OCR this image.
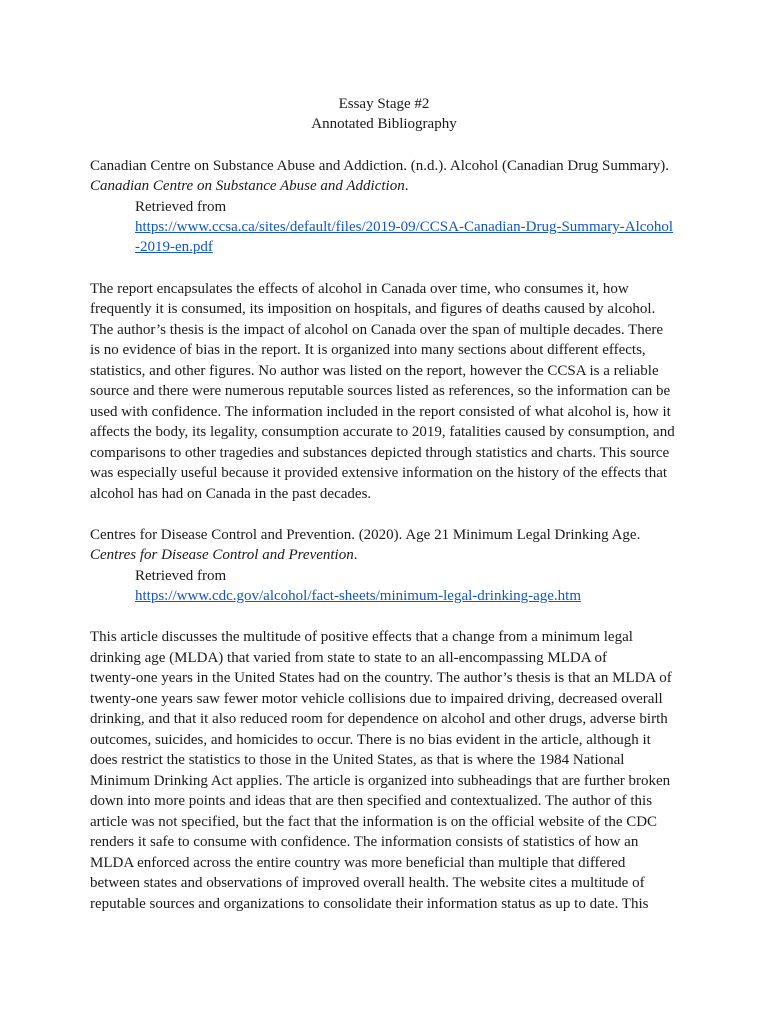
Essay Stage #2
Annotated Bibliography
Canadian Centre on Substance Abuse and Addiction. (n.d.). Alcohol (Canadian Drug Summary).
Canadian Centre on Substance Abuse and Addiction.
Retrieved from
https://www.ccsa.ca/sites/default/files/2019-09/CCSA-Canadian-Drug-Summary-Alcohol
-2019-en.pdf
The report encapsulates the effects of alcohol in Canada over time, who consumes it, how
frequently it is consumed, its imposition on hospitals, and figures of deaths caused by alcohol.
The author’s thesis is the impact of alcohol on Canada over the span of multiple decades. There
is no evidence of bias in the report. It is organized into many sections about different effects,
statistics, and other figures. No author was listed on the report, however the CCSA is a reliable
source and there were numerous reputable sources listed as references, so the information can be
used with confidence. The information included in the report consisted of what alcohol is, how it
affects the body, its legality, consumption accurate to 2019, fatalities caused by consumption, and
comparisons to other tragedies and substances depicted through statistics and charts. This source
was especially useful because it provided extensive information on the history of the effects that
alcohol has had on Canada in the past decades.
Centres for Disease Control and Prevention. (2020). Age 21 Minimum Legal Drinking Age.
Centres for Disease Control and Prevention.
Retrieved from
https://www.cdc.gov/alcohol/fact-sheets/minimum-legal-drinking-age.htm
This article discusses the multitude of positive effects that a change from a minimum legal
drinking age (MLDA) that varied from state to state to an all-encompassing MLDA of
twenty-one years in the United States had on the country. The author’s thesis is that an MLDA of
twenty-one years saw fewer motor vehicle collisions due to impaired driving, decreased overall
drinking, and that it also reduced room for dependence on alcohol and other drugs, adverse birth
outcomes, suicides, and homicides to occur. There is no bias evident in the article, although it
does restrict the statistics to those in the United States, as that is where the 1984 National
Minimum Drinking Act applies. The article is organized into subheadings that are further broken
down into more points and ideas that are then specified and contextualized. The author of this
article was not specified, but the fact that the information is on the official website of the CDC
renders it safe to consume with confidence. The information consists of statistics of how an
MLDA enforced across the entire country was more beneficial than multiple that differed
between states and observations of improved overall health. The website cites a multitude of
reputable sources and organizations to consolidate their information status as up to date. This
